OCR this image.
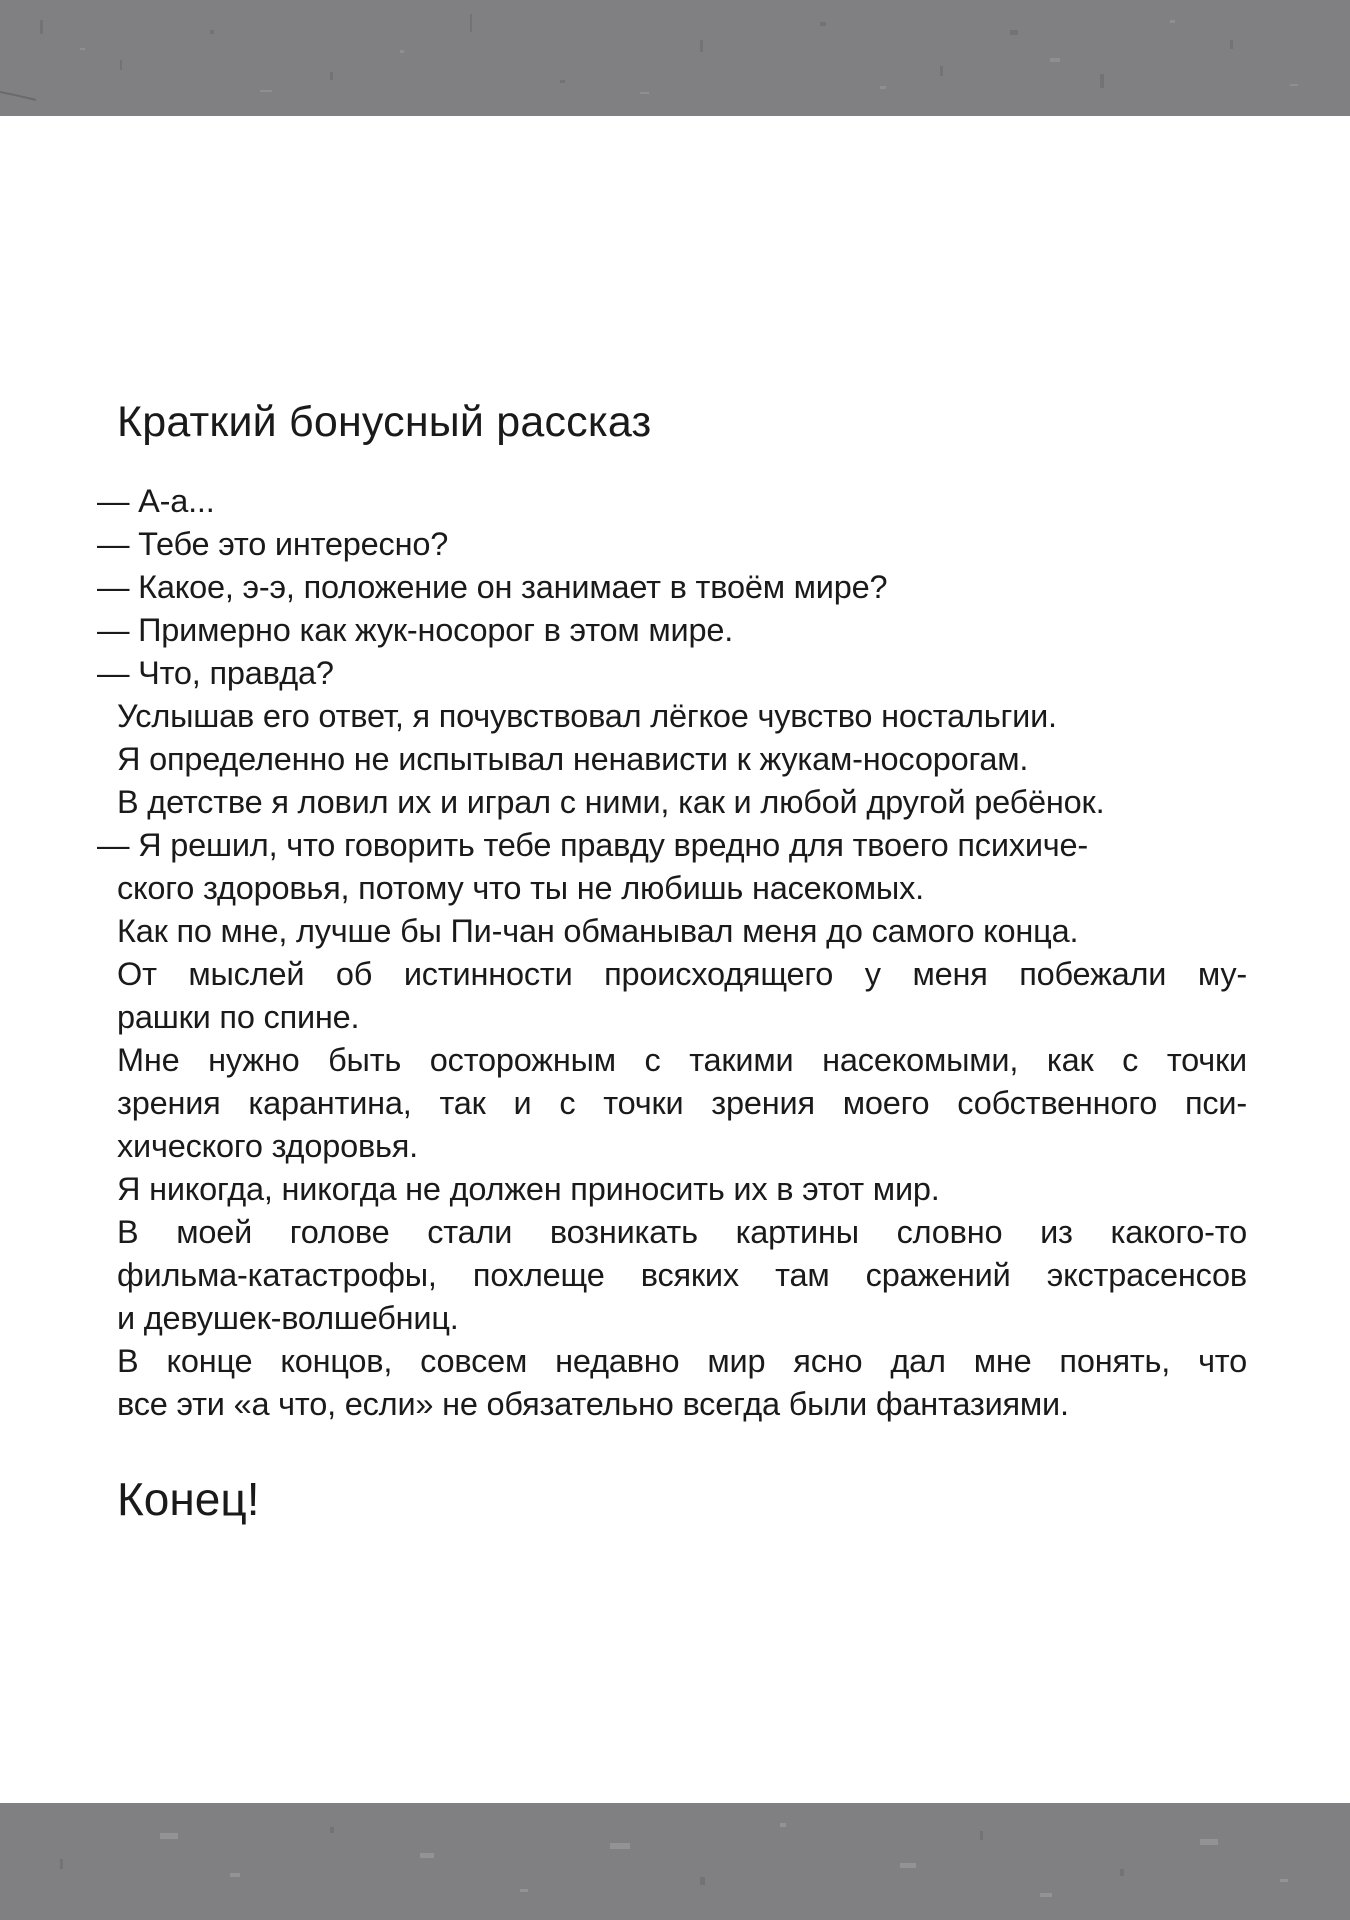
Краткий бонусный рассказ
— А-а...
— Тебе это интересно?
— Какое, э-э, положение он занимает в твоём мире?
— Примерно как жук-носорог в этом мире.
— Что, правда?
Услышав его ответ, я почувствовал лёгкое чувство ностальгии.
Я определенно не испытывал ненависти к жукам-носорогам.
В детстве я ловил их и играл с ними, как и любой другой ребёнок.
— Я решил, что говорить тебе правду вредно для твоего психиче-
ского здоровья, потому что ты не любишь насекомых.
Как по мне, лучше бы Пи-чан обманывал меня до самого конца.
От мыслей об истинности происходящего у меня побежали му-
рашки по спине.
Мне нужно быть осторожным с такими насекомыми, как с точки
зрения карантина, так и с точки зрения моего собственного пси-
хического здоровья.
Я никогда, никогда не должен приносить их в этот мир.
В моей голове стали возникать картины словно из какого-то
фильма-катастрофы, похлеще всяких там сражений экстрасенсов
и девушек-волшебниц.
В конце концов, совсем недавно мир ясно дал мне понять, что
все эти «а что, если» не обязательно всегда были фантазиями.
Конец!
